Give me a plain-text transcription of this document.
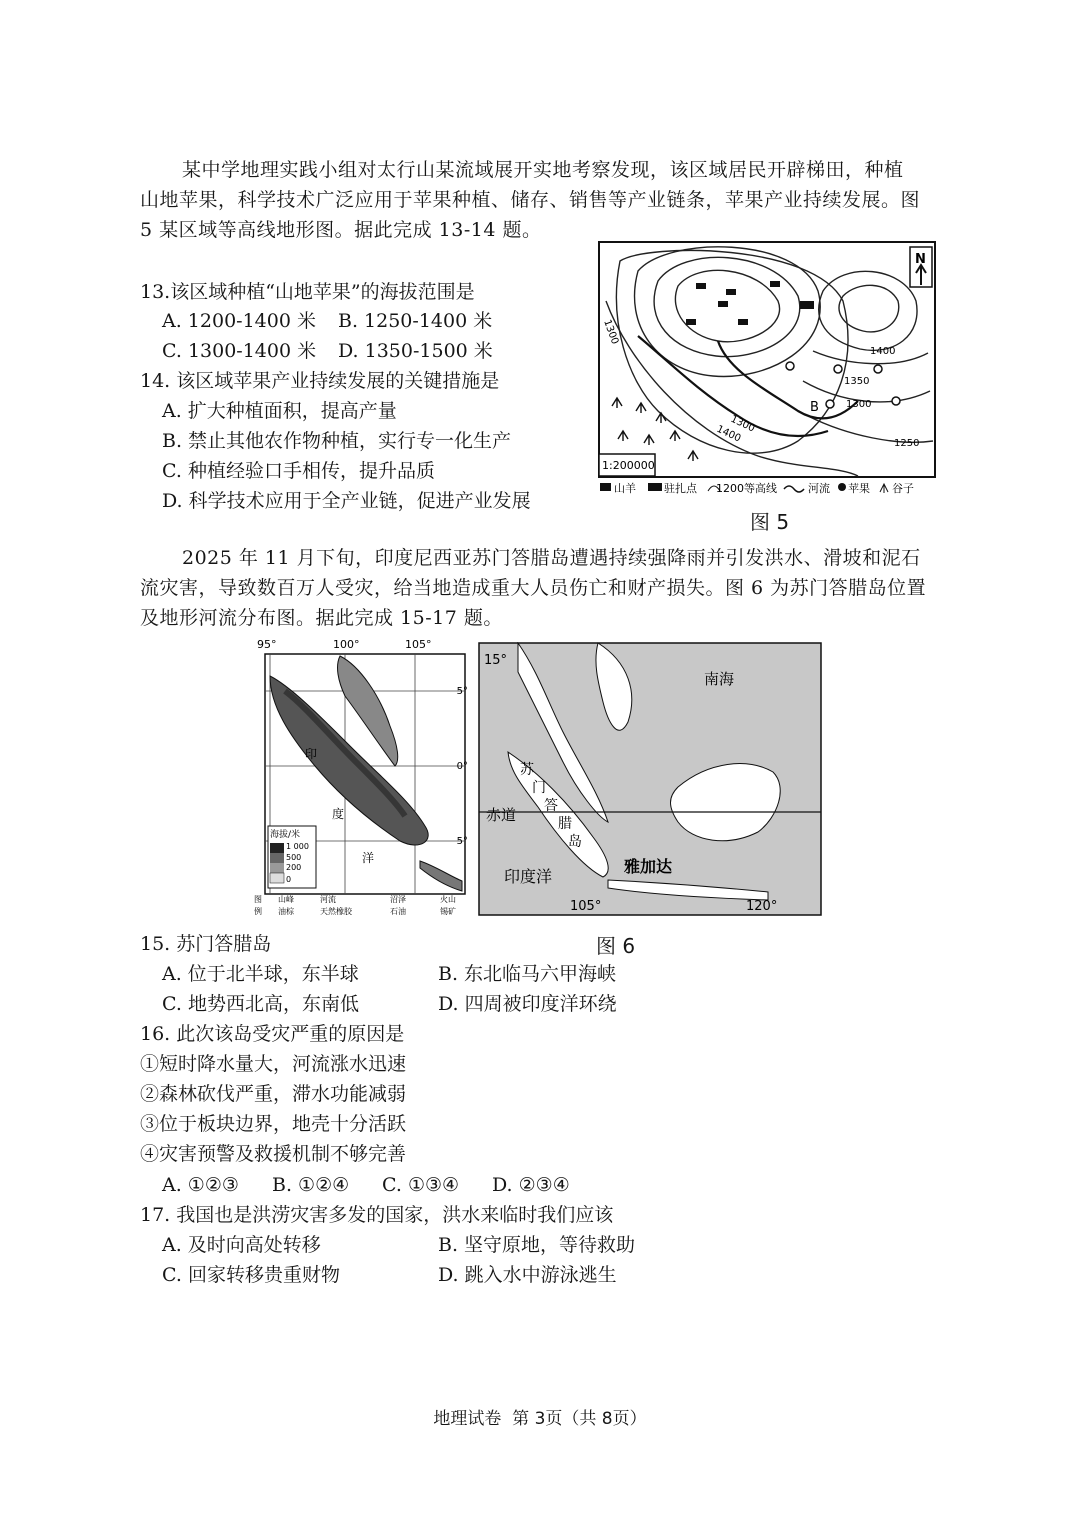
某中学地理实践小组对太行山某流域展开实地考察发现，该区域居民开辟梯田，种植
山地苹果，科学技术广泛应用于苹果种植、储存、销售等产业链条，苹果产业持续发展。图
5 某区域等高线地形图。据此完成 13-14 题。
13.该区域种植“山地苹果”的海拔范围是
A. 1200-1400 米 B. 1250-1400 米
C. 1300-1400 米 D. 1350-1500 米
14. 该区域苹果产业持续发展的关键措施是
A. 扩大种植面积，提高产量
B. 禁止其他农作物种植，实行专一化生产
C. 种植经验口手相传，提升品质
D. 科学技术应用于全产业链，促进产业发展
N
1300
1400
1350
1300
1250
1300
1400
B
1:200000
山羊	驻扎点 1200 等高线	河流 苹果 谷子
图 5
2025 年 11 月下旬，印度尼西亚苏门答腊岛遭遇持续强降雨并引发洪水、滑坡和泥石
流灾害，导致数百万人受灾，给当地造成重大人员伤亡和财产损失。图 6 为苏门答腊岛位置
及地形河流分布图。据此完成 15-17 题。
95°	100°	105°
5°
0°
5°
印
度
洋
海拔/米
1 000
500
200
0
图 山峰	河流	沼泽	火山
例 油棕	天然橡胶	石油	锡矿
15°
南海
赤道
苏
门
答
腊
岛
雅加达
印度洋
105°	120°
图 6
15. 苏门答腊岛
A. 位于北半球，东半球	B. 东北临马六甲海峡
C. 地势西北高，东南低	D. 四周被印度洋环绕
16. 此次该岛受灾严重的原因是
①短时降水量大，河流涨水迅速
②森林砍伐严重，滞水功能减弱
③位于板块边界，地壳十分活跃
④灾害预警及救援机制不够完善
A. ①②③ B. ①②④ C. ①③④ D. ②③④
17. 我国也是洪涝灾害多发的国家，洪水来临时我们应该
A. 及时向高处转移	B. 坚守原地，等待救助
C. 回家转移贵重财物	D. 跳入水中游泳逃生
地理试卷  第 3页（共 8页）
